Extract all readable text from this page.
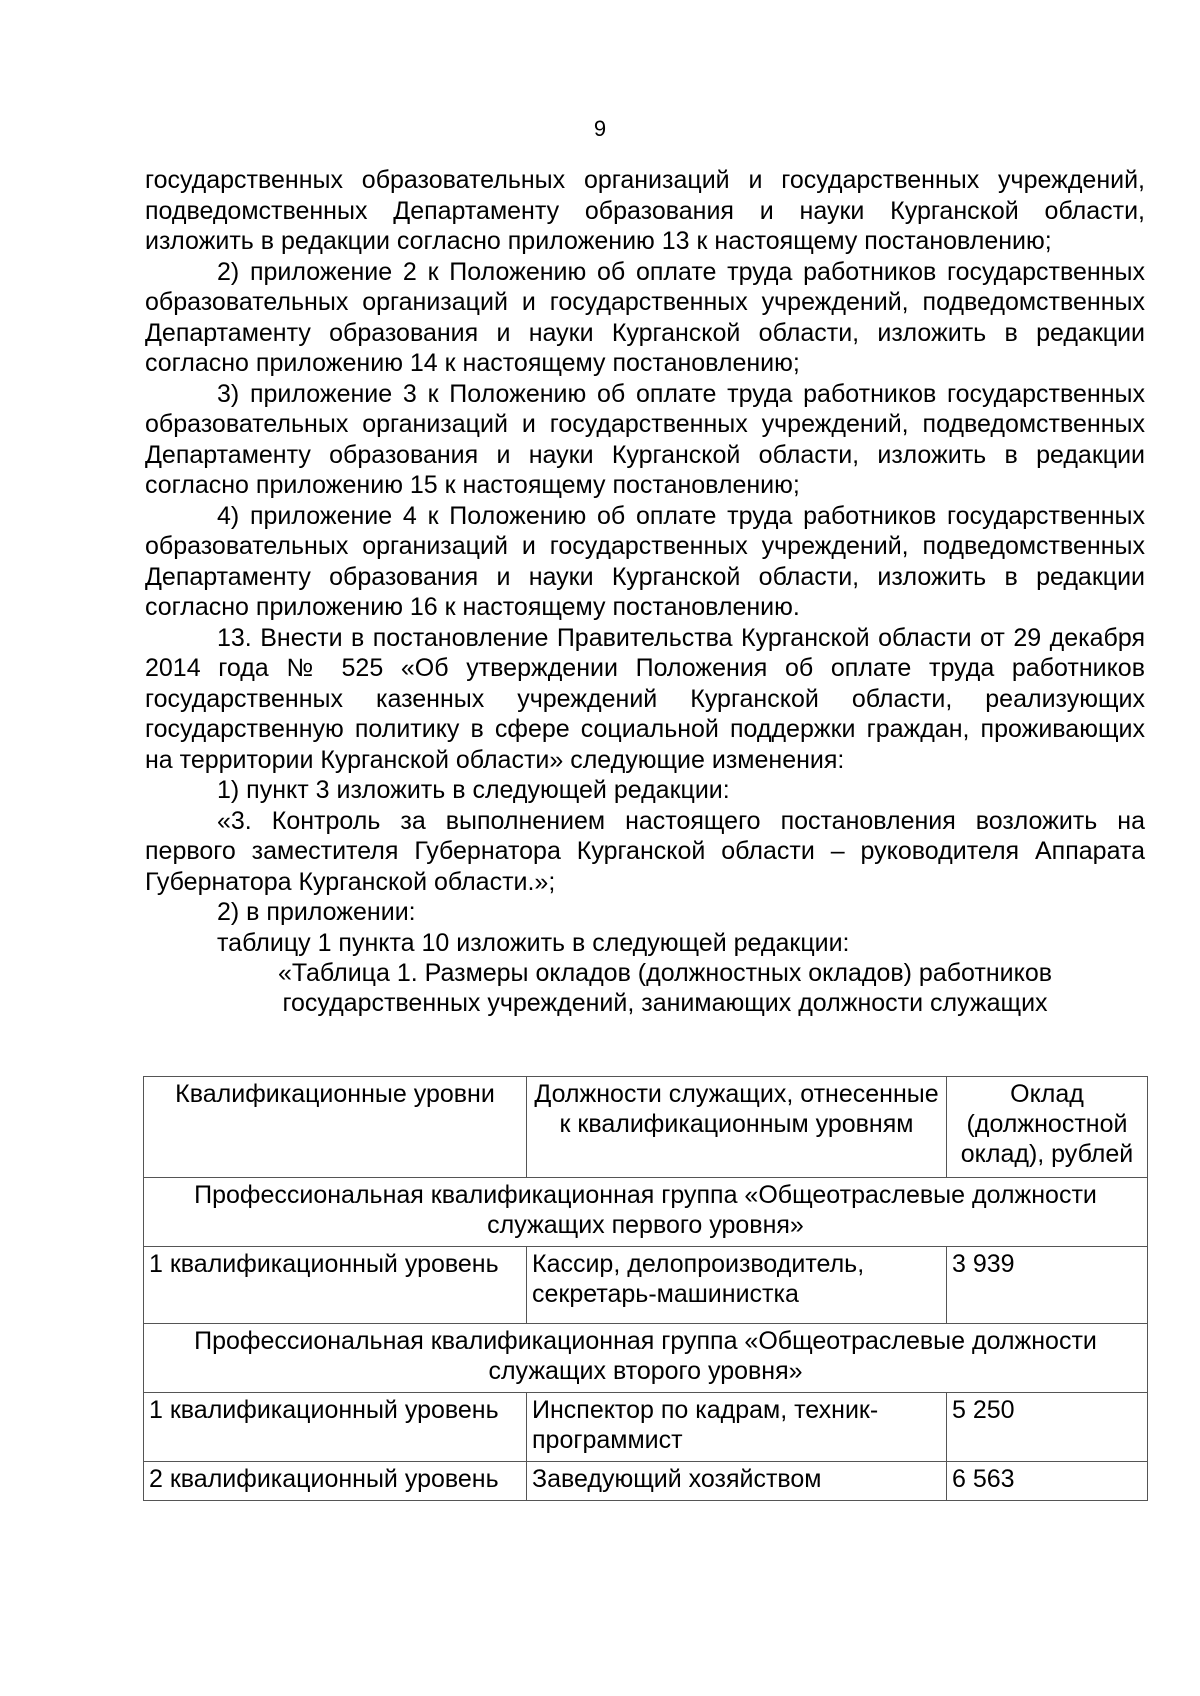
9

государственных образовательных организаций и государственных учреждений, подведомственных Департаменту образования и науки Курганской области, изложить в редакции согласно приложению 13 к настоящему постановлению;

2) приложение 2 к Положению об оплате труда работников государственных образовательных организаций и государственных учреждений, подведомственных Департаменту образования и науки Курганской области, изложить в редакции согласно приложению 14 к настоящему постановлению;

3) приложение 3 к Положению об оплате труда работников государственных образовательных организаций и государственных учреждений, подведомственных Департаменту образования и науки Курганской области, изложить в редакции согласно приложению 15 к настоящему постановлению;

4) приложение 4 к Положению об оплате труда работников государственных образовательных организаций и государственных учреждений, подведомственных Департаменту образования и науки Курганской области, изложить в редакции согласно приложению 16 к настоящему постановлению.

13. Внести в постановление Правительства Курганской области от 29 декабря 2014 года № 525 «Об утверждении Положения об оплате труда работников государственных казенных учреждений Курганской области, реализующих государственную политику в сфере социальной поддержки граждан, проживающих на территории Курганской области» следующие изменения:

1) пункт 3 изложить в следующей редакции:

«3. Контроль за выполнением настоящего постановления возложить на первого заместителя Губернатора Курганской области – руководителя Аппарата Губернатора Курганской области.»;

2) в приложении:

таблицу 1 пункта 10 изложить в следующей редакции:

«Таблица 1. Размеры окладов (должностных окладов) работников

государственных учреждений, занимающих должности служащих

Квалификационные уровни	Должности служащих, отнесенные к квалификационным уровням	Оклад (должностной оклад), рублей
Профессиональная квалификационная группа «Общеотраслевые должности служащих первого уровня»		
1 квалификационный уровень	Кассир, делопроизводитель, секретарь-машинистка	3 939
Профессиональная квалификационная группа «Общеотраслевые должности служащих второго уровня»		
1 квалификационный уровень	Инспектор по кадрам, техник-программист	5 250
2 квалификационный уровень	Заведующий хозяйством	6 563
